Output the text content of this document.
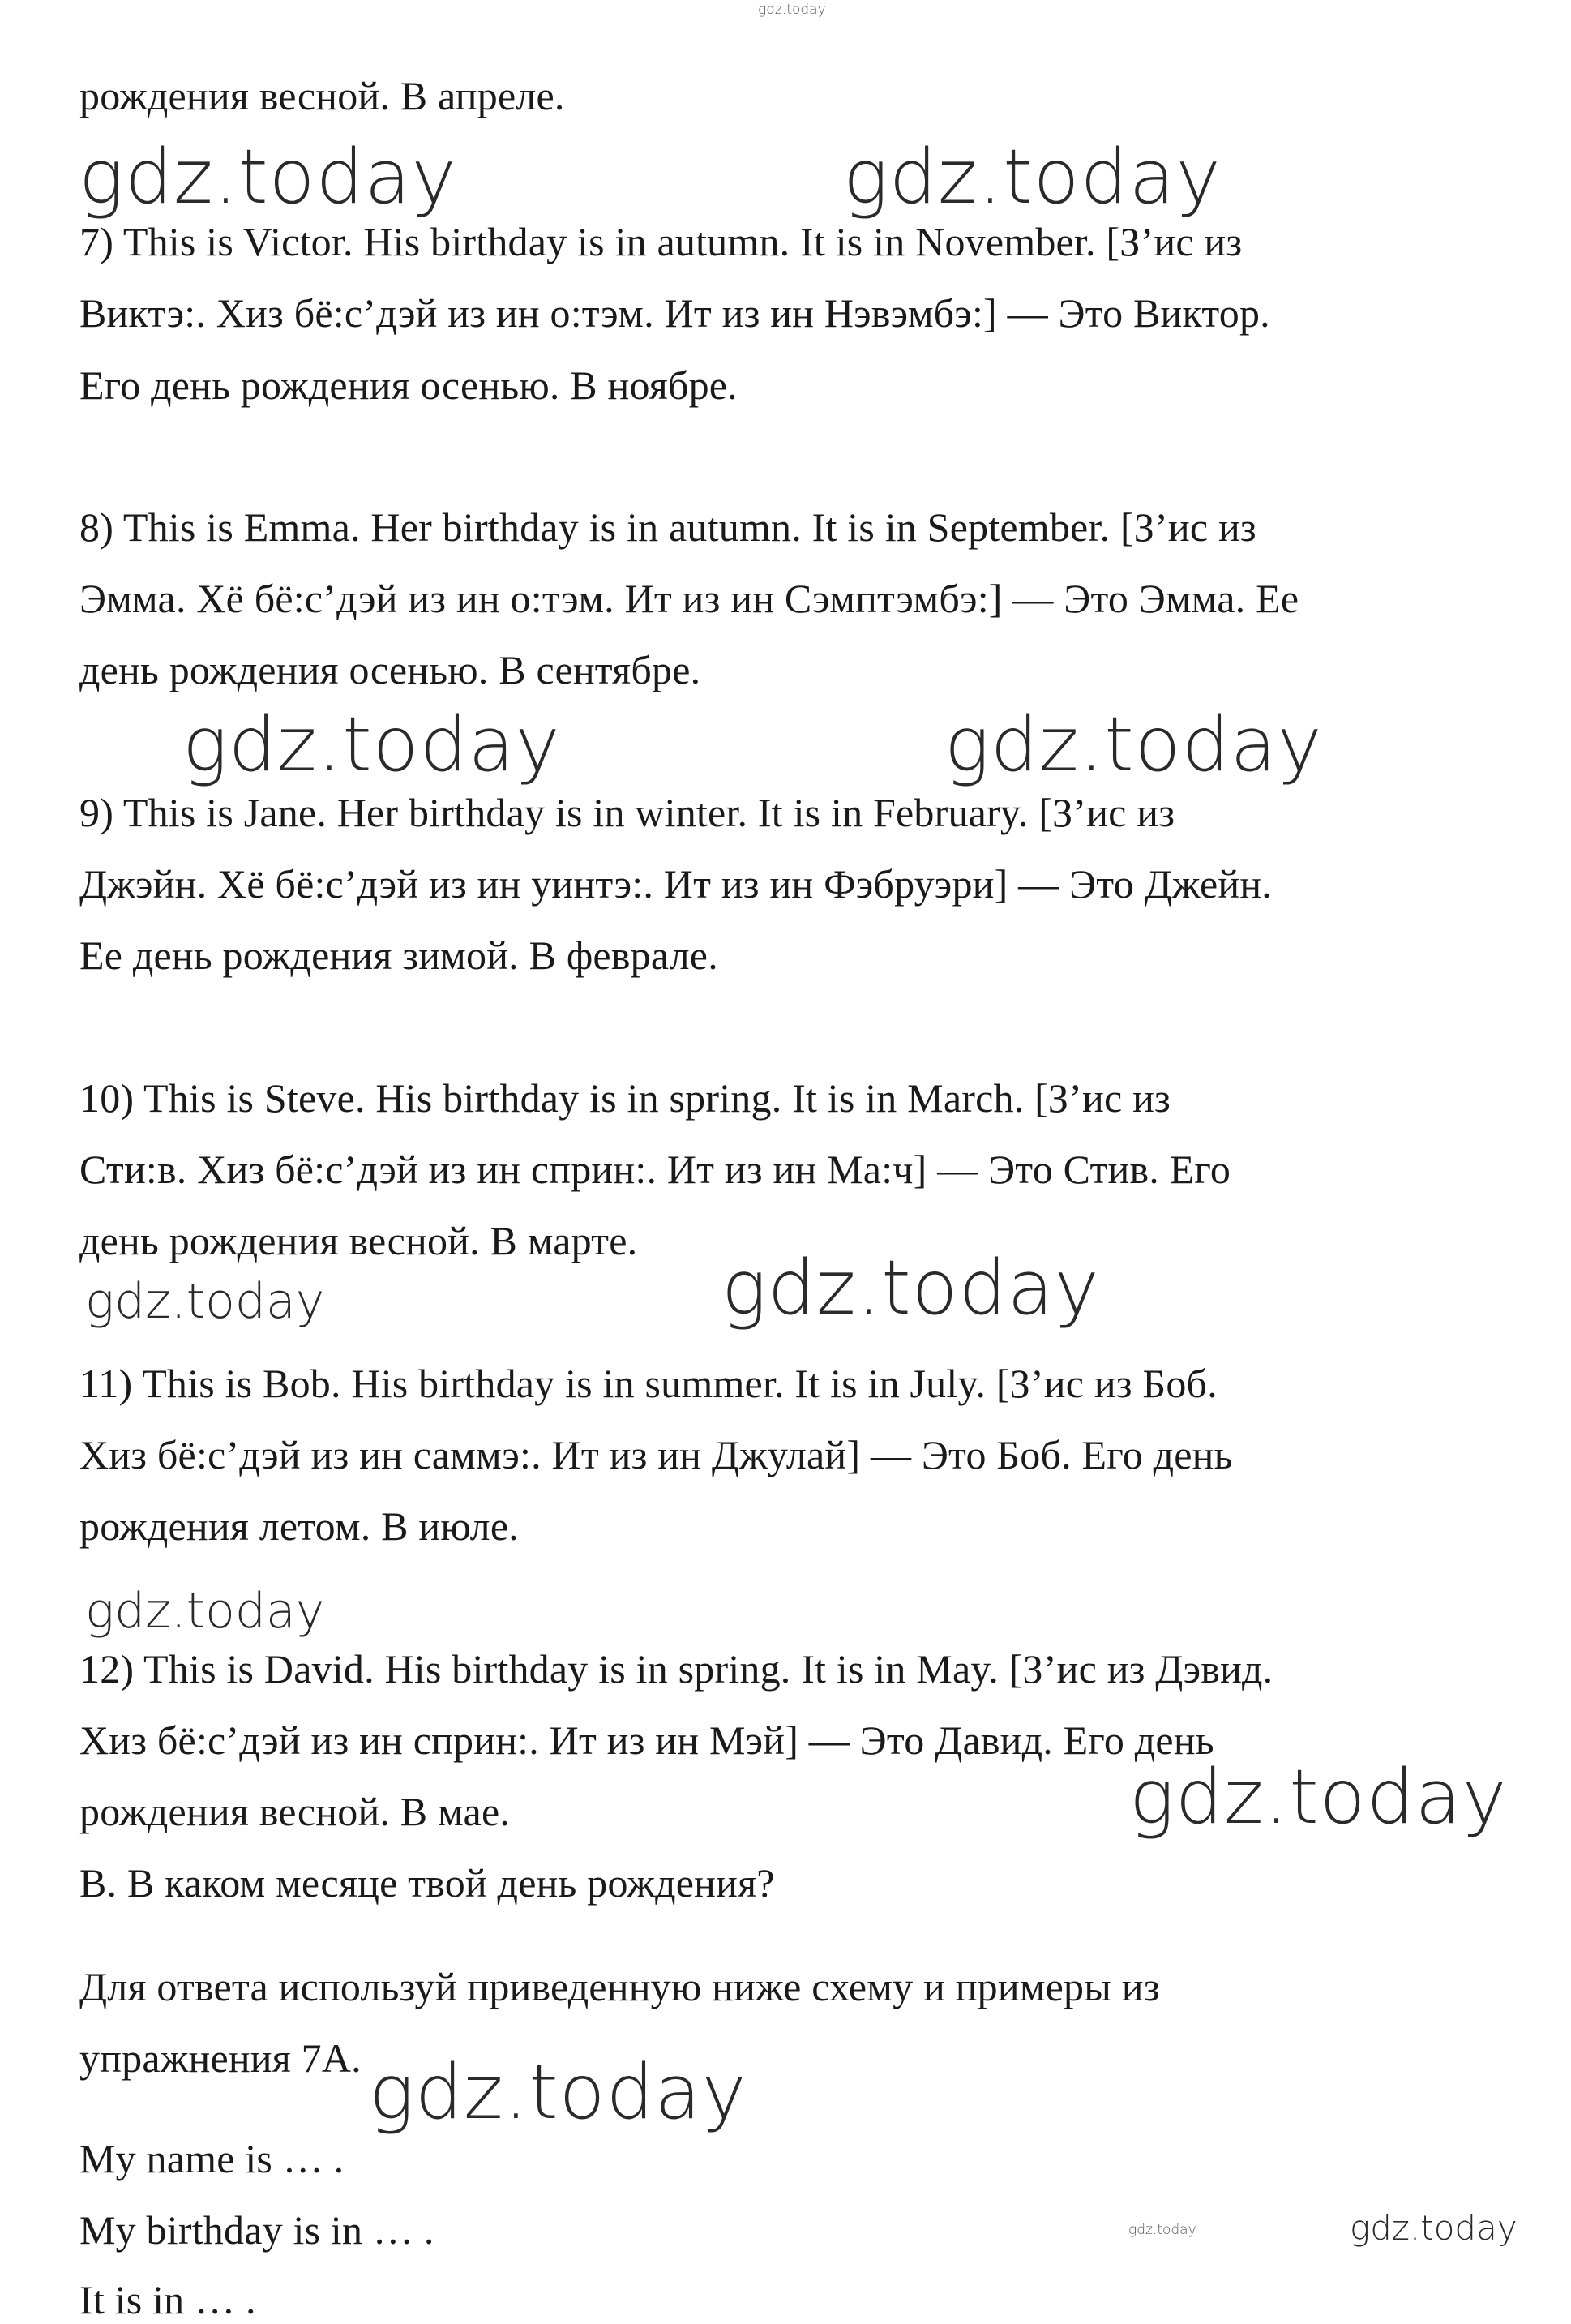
рождения весной. В апреле.

7) This is Victor. His birthday is in autumn. It is in November. [З’ис из

Виктэ:. Хиз бё:с’дэй из ин о:тэм. Ит из ин Нэвэмбэ:] — Это Виктор.

Его день рождения осенью. В ноябре.

8) This is Emma. Her birthday is in autumn. It is in September. [З’ис из

Эмма. Хё бё:с’дэй из ин о:тэм. Ит из ин Сэмптэмбэ:] — Это Эмма. Ее

день рождения осенью. В сентябре.

9) This is Jane. Her birthday is in winter. It is in February. [З’ис из

Джэйн. Хё бё:с’дэй из ин уинтэ:. Ит из ин Фэбруэри] — Это Джейн.

Ее день рождения зимой. В феврале.

10) This is Steve. His birthday is in spring. It is in March. [З’ис из

Сти:в. Хиз бё:с’дэй из ин сприн:. Ит из ин Ма:ч] — Это Стив. Его

день рождения весной. В марте.

11) This is Bob. His birthday is in summer. It is in July. [З’ис из Боб.

Хиз бё:с’дэй из ин саммэ:. Ит из ин Джулай] — Это Боб. Его день

рождения летом. В июле.

12) This is David. His birthday is in spring. It is in May. [З’ис из Дэвид.

Хиз бё:с’дэй из ин сприн:. Ит из ин Мэй] — Это Давид. Его день

рождения весной. В мае.

B. В каком месяце твой день рождения?

Для ответа используй приведенную ниже схему и примеры из

упражнения 7А.

My name is … .

My birthday is in … .

It is in … .

gdz.today

gdz.today	gdz.today

gdz.today	gdz.today

gdz.today	gdz.today

gdz.today

gdz.today

gdz.today

gdz.today	gdz.today
